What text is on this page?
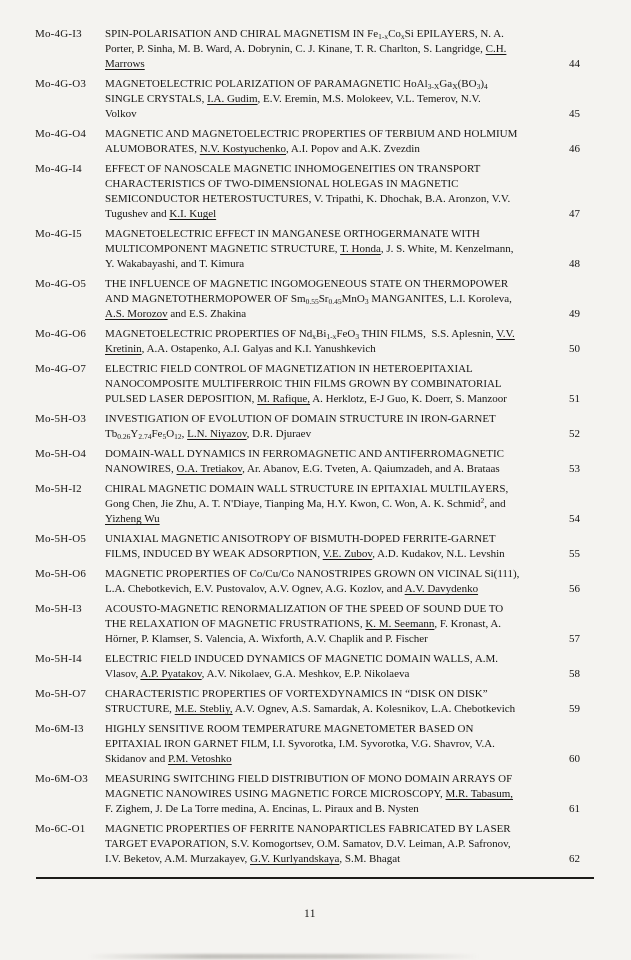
Mo-4G-I3	SPIN-POLARISATION AND CHIRAL MAGNETISM IN $Fe_{1-x}Co_xSi$ EPILAYERS, N. A.
Porter, P. Sinha, M. B. Ward, A. Dobrynin, C. J. Kinane, T. R. Charlton, S. Langridge, C.H.
Marrows	44
Mo-4G-O3	MAGNETOELECTRIC POLARIZATION OF PARAMAGNETIC $HoAl_{3-X}Ga_X(BO_3)_4$
SINGLE CRYSTALS, I.A. Gudim, E.V. Eremin, M.S. Molokeev, V.L. Temerov, N.V.
Volkov	45
Mo-4G-O4	MAGNETIC AND MAGNETOELECTRIC PROPERTIES OF TERBIUM AND HOLMIUM
ALUMOBORATES, N.V. Kostyuchenko, A.I. Popov and A.K. Zvezdin	46
Mo-4G-I4	EFFECT OF NANOSCALE MAGNETIC INHOMOGENEITIES ON TRANSPORT
CHARACTERISTICS OF TWO-DIMENSIONAL HOLEGAS IN MAGNETIC
SEMICONDUCTOR HETEROSTUCTURES, V. Tripathi, K. Dhochak, B.A. Aronzon, V.V.
Tugushev and K.I. Kugel	47
Mo-4G-I5	MAGNETOELECTRIC EFFECT IN MANGANESE ORTHOGERMANATE WITH
MULTICOMPONENT MAGNETIC STRUCTURE, T. Honda, J. S. White, M. Kenzelmann,
Y. Wakabayashi, and T. Kimura	48
Mo-4G-O5	THE INFLUENCE OF MAGNETIC INGOMOGENEOUS STATE ON THERMOPOWER
AND MAGNETOTHERMOPOWER OF $Sm_{0.55}Sr_{0.45}MnO_3$ MANGANITES, L.I. Koroleva,
A.S. Morozov and E.S. Zhakina	49
Mo-4G-O6	MAGNETOELECTRIC PROPERTIES OF $Nd_xBi_{1-x}FeO_3$ THIN FILMS,  S.S. Aplesnin, V.V.
Kretinin, A.A. Ostapenko, A.I. Galyas and K.I. Yanushkevich	50
Mo-4G-O7	ELECTRIC FIELD CONTROL OF MAGNETIZATION IN HETEROEPITAXIAL
NANOCOMPOSITE MULTIFERROIC THIN FILMS GROWN BY COMBINATORIAL
PULSED LASER DEPOSITION, M. Rafique, A. Herklotz, E-J Guo, K. Doerr, S. Manzoor	51
Mo-5H-O3	INVESTIGATION OF EVOLUTION OF DOMAIN STRUCTURE IN IRON-GARNET
$Tb_{0.26}Y_{2.74}Fe_5O_{12}$, L.N. Niyazov, D.R. Djuraev	52
Mo-5H-O4	DOMAIN-WALL DYNAMICS IN FERROMAGNETIC AND ANTIFERROMAGNETIC
NANOWIRES, O.A. Tretiakov, Ar. Abanov, E.G. Tveten, A. Qaiumzadeh, and A. Brataas	53
Mo-5H-I2	CHIRAL MAGNETIC DOMAIN WALL STRUCTURE IN EPITAXIAL MULTILAYERS,
Gong Chen, Jie Zhu, A. T. N'Diaye, Tianping Ma, H.Y. Kwon, C. Won, A. K. Schmid$^2$, and
Yizheng Wu	54
Mo-5H-O5	UNIAXIAL MAGNETIC ANISOTROPY OF BISMUTH-DOPED FERRITE-GARNET
FILMS, INDUCED BY WEAK ADSORPTION, V.E. Zubov, A.D. Kudakov, N.L. Levshin	55
Mo-5H-O6	MAGNETIC PROPERTIES OF Co/Cu/Co NANOSTRIPES GROWN ON VICINAL Si(111),
L.A. Chebotkevich, E.V. Pustovalov, A.V. Ognev, A.G. Kozlov, and A.V. Davydenko	56
Mo-5H-I3	ACOUSTO-MAGNETIC RENORMALIZATION OF THE SPEED OF SOUND DUE TO
THE RELAXATION OF MAGNETIC FRUSTRATIONS, K. M. Seemann, F. Kronast, A.
Hörner, P. Klamser, S. Valencia, A. Wixforth, A.V. Chaplik and P. Fischer	57
Mo-5H-I4	ELECTRIC FIELD INDUCED DYNAMICS OF MAGNETIC DOMAIN WALLS, A.M.
Vlasov, A.P. Pyatakov, A.V. Nikolaev, G.A. Meshkov, E.P. Nikolaeva	58
Mo-5H-O7	CHARACTERISTIC PROPERTIES OF VORTEXDYNAMICS IN “DISK ON DISK”
STRUCTURE, M.E. Stebliy, A.V. Ognev, A.S. Samardak, A. Kolesnikov, L.A. Chebotkevich	59
Mo-6M-I3	HIGHLY SENSITIVE ROOM TEMPERATURE MAGNETOMETER BASED ON
EPITAXIAL IRON GARNET FILM, I.I. Syvorotka, I.M. Syvorotka, V.G. Shavrov, V.A.
Skidanov and P.M. Vetoshko	60
Mo-6M-O3	MEASURING SWITCHING FIELD DISTRIBUTION OF MONO DOMAIN ARRAYS OF
MAGNETIC NANOWIRES USING MAGNETIC FORCE MICROSCOPY, M.R. Tabasum,
F. Zighem, J. De La Torre medina, A. Encinas, L. Piraux and B. Nysten	61
Mo-6C-O1	MAGNETIC PROPERTIES OF FERRITE NANOPARTICLES FABRICATED BY LASER
TARGET EVAPORATION, S.V. Komogortsev, O.M. Samatov, D.V. Leiman, A.P. Safronov,
I.V. Beketov, A.M. Murzakayev, G.V. Kurlyandskaya, S.M. Bhagat	62
11
